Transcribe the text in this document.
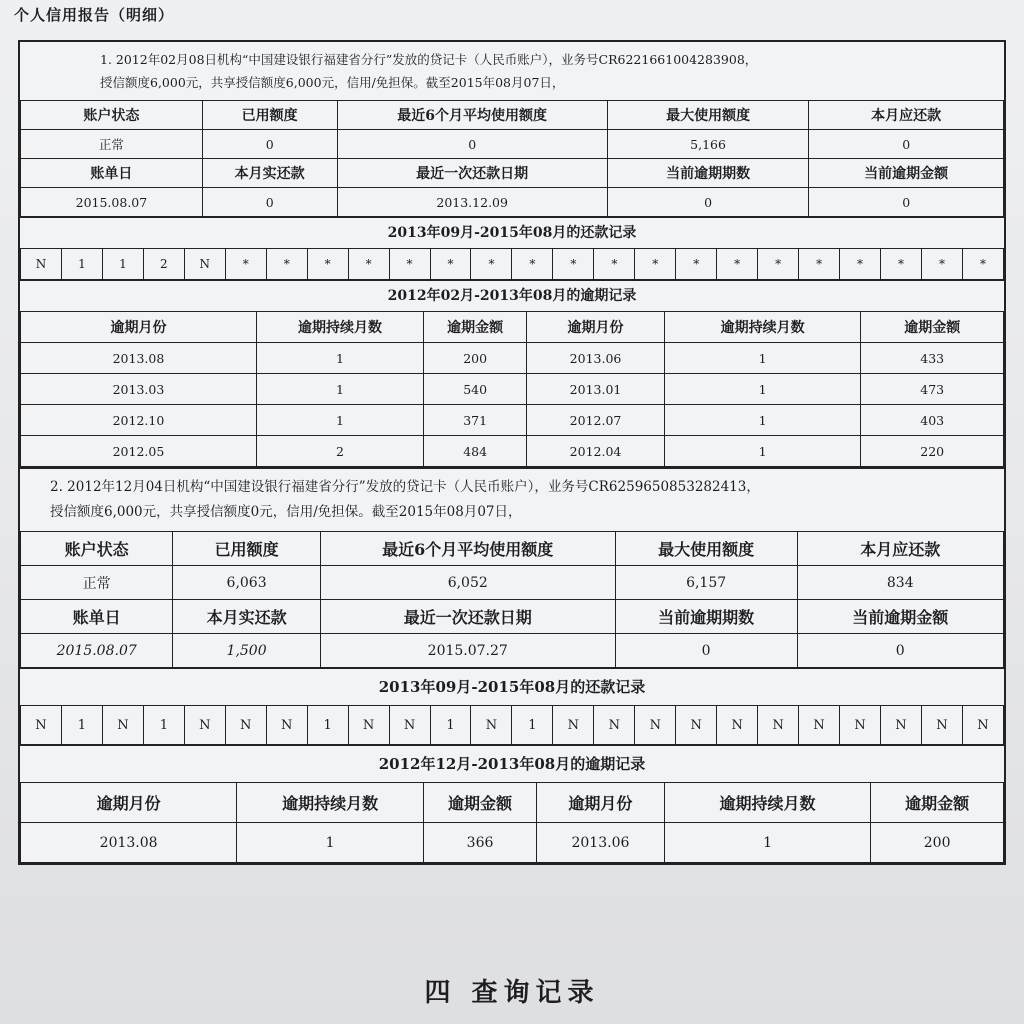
个人信用报告（明细）
1. 2012年02月08日机构“中国建设银行福建省分行”发放的贷记卡（人民币账户），业务号CR6221661004283908，
授信额度6,000元，共享授信额度6,000元，信用/免担保。截至2015年08月07日，
账户状态	已用额度	最近6个月平均使用额度	最大使用额度	本月应还款
正常	0	0	5,166	0
账单日	本月实还款	最近一次还款日期	当前逾期期数	当前逾期金额
2015.08.07	0	2013.12.09	0	0
2013年09月-2015年08月的还款记录
N	1	1	2	N	*	*	*	*	*	*	*	*	*	*	*	*	*	*	*	*	*	*	*
2012年02月-2013年08月的逾期记录
逾期月份	逾期持续月数	逾期金额	逾期月份	逾期持续月数	逾期金额
2013.08	1	200	2013.06	1	433
2013.03	1	540	2013.01	1	473
2012.10	1	371	2012.07	1	403
2012.05	2	484	2012.04	1	220
2. 2012年12月04日机构“中国建设银行福建省分行”发放的贷记卡（人民币账户），业务号CR6259650853282413，
授信额度6,000元，共享授信额度0元，信用/免担保。截至2015年08月07日，
账户状态	已用额度	最近6个月平均使用额度	最大使用额度	本月应还款
正常	6,063	6,052	6,157	834
账单日	本月实还款	最近一次还款日期	当前逾期期数	当前逾期金额
2015.08.07	1,500	2015.07.27	0	0
2013年09月-2015年08月的还款记录
N	1	N	1	N	N	N	1	N	N	1	N	1	N	N	N	N	N	N	N	N	N	N	N
2012年12月-2013年08月的逾期记录
逾期月份	逾期持续月数	逾期金额	逾期月份	逾期持续月数	逾期金额
2013.08	1	366	2013.06	1	200
四 查询记录
